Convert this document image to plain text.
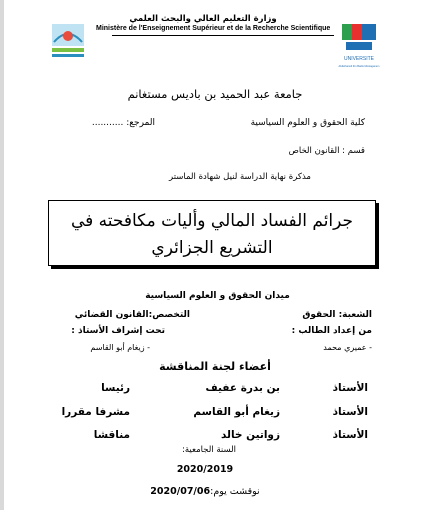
UNIVERSITE
Abdelhamid Ibn Badis Mostaganem
وزارة التعليم العالي والبحث العلمي
Ministère de l'Enseignement Supérieur et de la Recherche Scientifique
جامعة عبد الحميد بن باديس مستغانم
كلية الحقوق و العلوم السياسية
المرجع: ...........
قسم : القانون الخاص
مذكرة نهاية الدراسة لنيل شهادة الماستر
جرائم الفساد المالي وأليات مكافحته في
التشريع الجزائري
ميدان الحقوق و العلوم السياسية
الشعبة: الحقوق
التخصص:القانون القضائي
من إعداد الطالب :
تحت إشراف الأستاذ :
- عميري محمد
- زيغام أبو القاسم
أعضاء لجنة المناقشة
الأستاذ
بن بدرة عفيف
رئيسا
الأستاذ
زيغام أبو القاسم
مشرفا مقررا
الأستاذ
زواتين خالد
مناقشا
السنة الجامعية:
2020/2019
نوقشت يوم:2020/07/06
